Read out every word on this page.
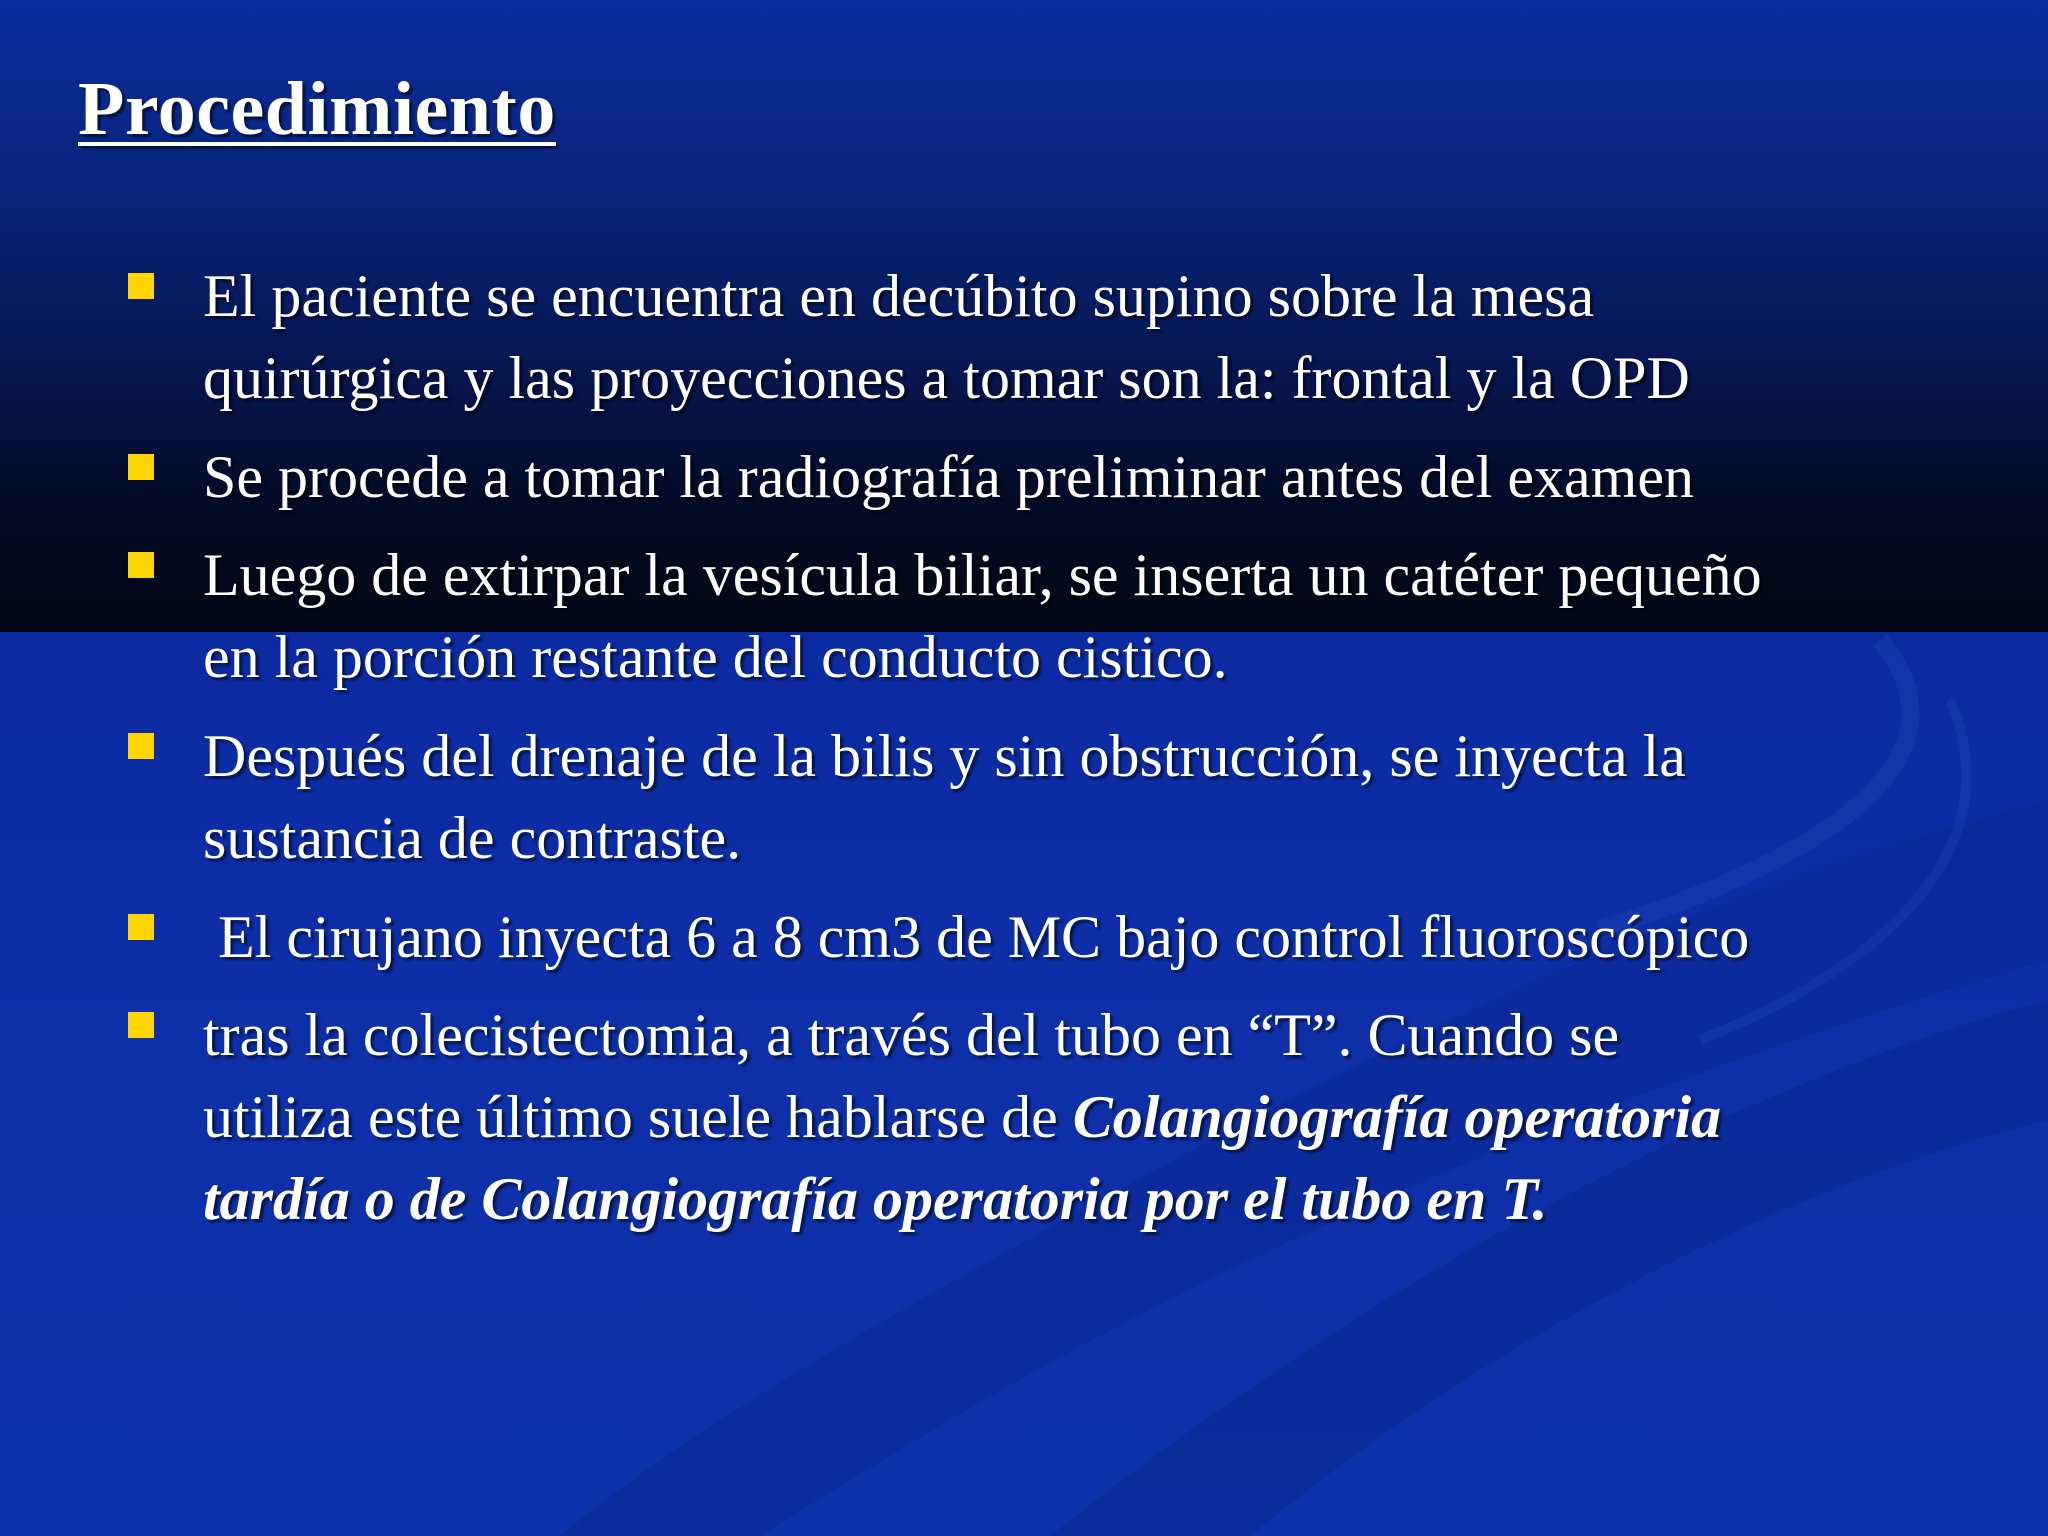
Procedimiento
El paciente se encuentra en decúbito supino sobre la mesa
quirúrgica y las proyecciones a tomar son la: frontal y la OPD
Se procede a tomar la radiografía preliminar antes del examen
Luego de extirpar la vesícula biliar, se inserta un catéter pequeño
en la porción restante del conducto cistico.
Después del drenaje de la bilis y sin obstrucción, se inyecta la
sustancia de contraste.
El cirujano inyecta 6 a 8 cm3 de MC bajo control fluoroscópico
tras la colecistectomia, a través del tubo en “T”. Cuando se
utiliza este último suele hablarse de Colangiografía operatoria
tardía o de Colangiografía operatoria por el tubo en T.
